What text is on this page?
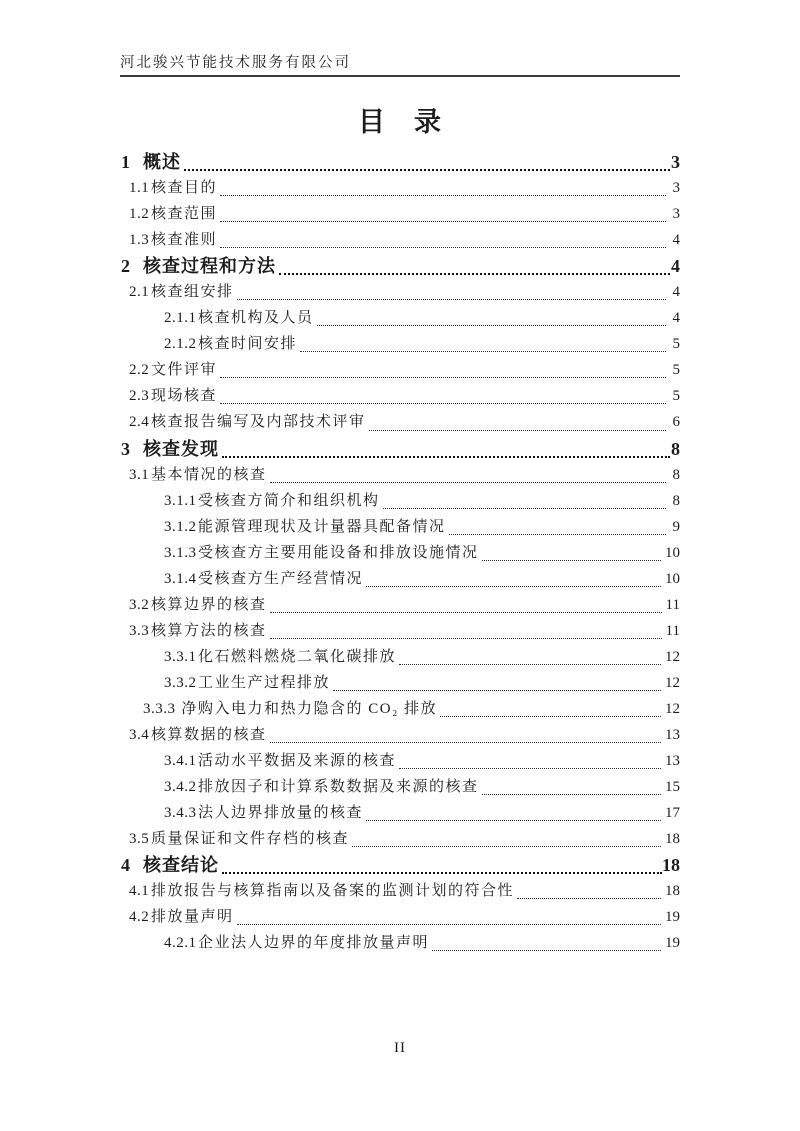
河北骏兴节能技术服务有限公司
目　录
1 概述	3
1.1 核查目的	3
1.2 核查范围	3
1.3 核查准则	4
2 核查过程和方法	4
2.1 核查组安排	4
2.1.1 核查机构及人员	4
2.1.2 核查时间安排	5
2.2 文件评审	5
2.3 现场核查	5
2.4 核查报告编写及内部技术评审	6
3 核查发现	8
3.1 基本情况的核查	8
3.1.1 受核查方简介和组织机构	8
3.1.2 能源管理现状及计量器具配备情况	9
3.1.3 受核查方主要用能设备和排放设施情况	10
3.1.4 受核查方生产经营情况	10
3.2 核算边界的核查	11
3.3 核算方法的核查	11
3.3.1 化石燃料燃烧二氧化碳排放	12
3.3.2 工业生产过程排放	12
3.3.3 净购入电力和热力隐含的 CO₂ 排放	12
3.4 核算数据的核查	13
3.4.1 活动水平数据及来源的核查	13
3.4.2 排放因子和计算系数数据及来源的核查	15
3.4.3 法人边界排放量的核查	17
3.5 质量保证和文件存档的核查	18
4 核查结论	18
4.1 排放报告与核算指南以及备案的监测计划的符合性	18
4.2 排放量声明	19
4.2.1 企业法人边界的年度排放量声明	19
II
